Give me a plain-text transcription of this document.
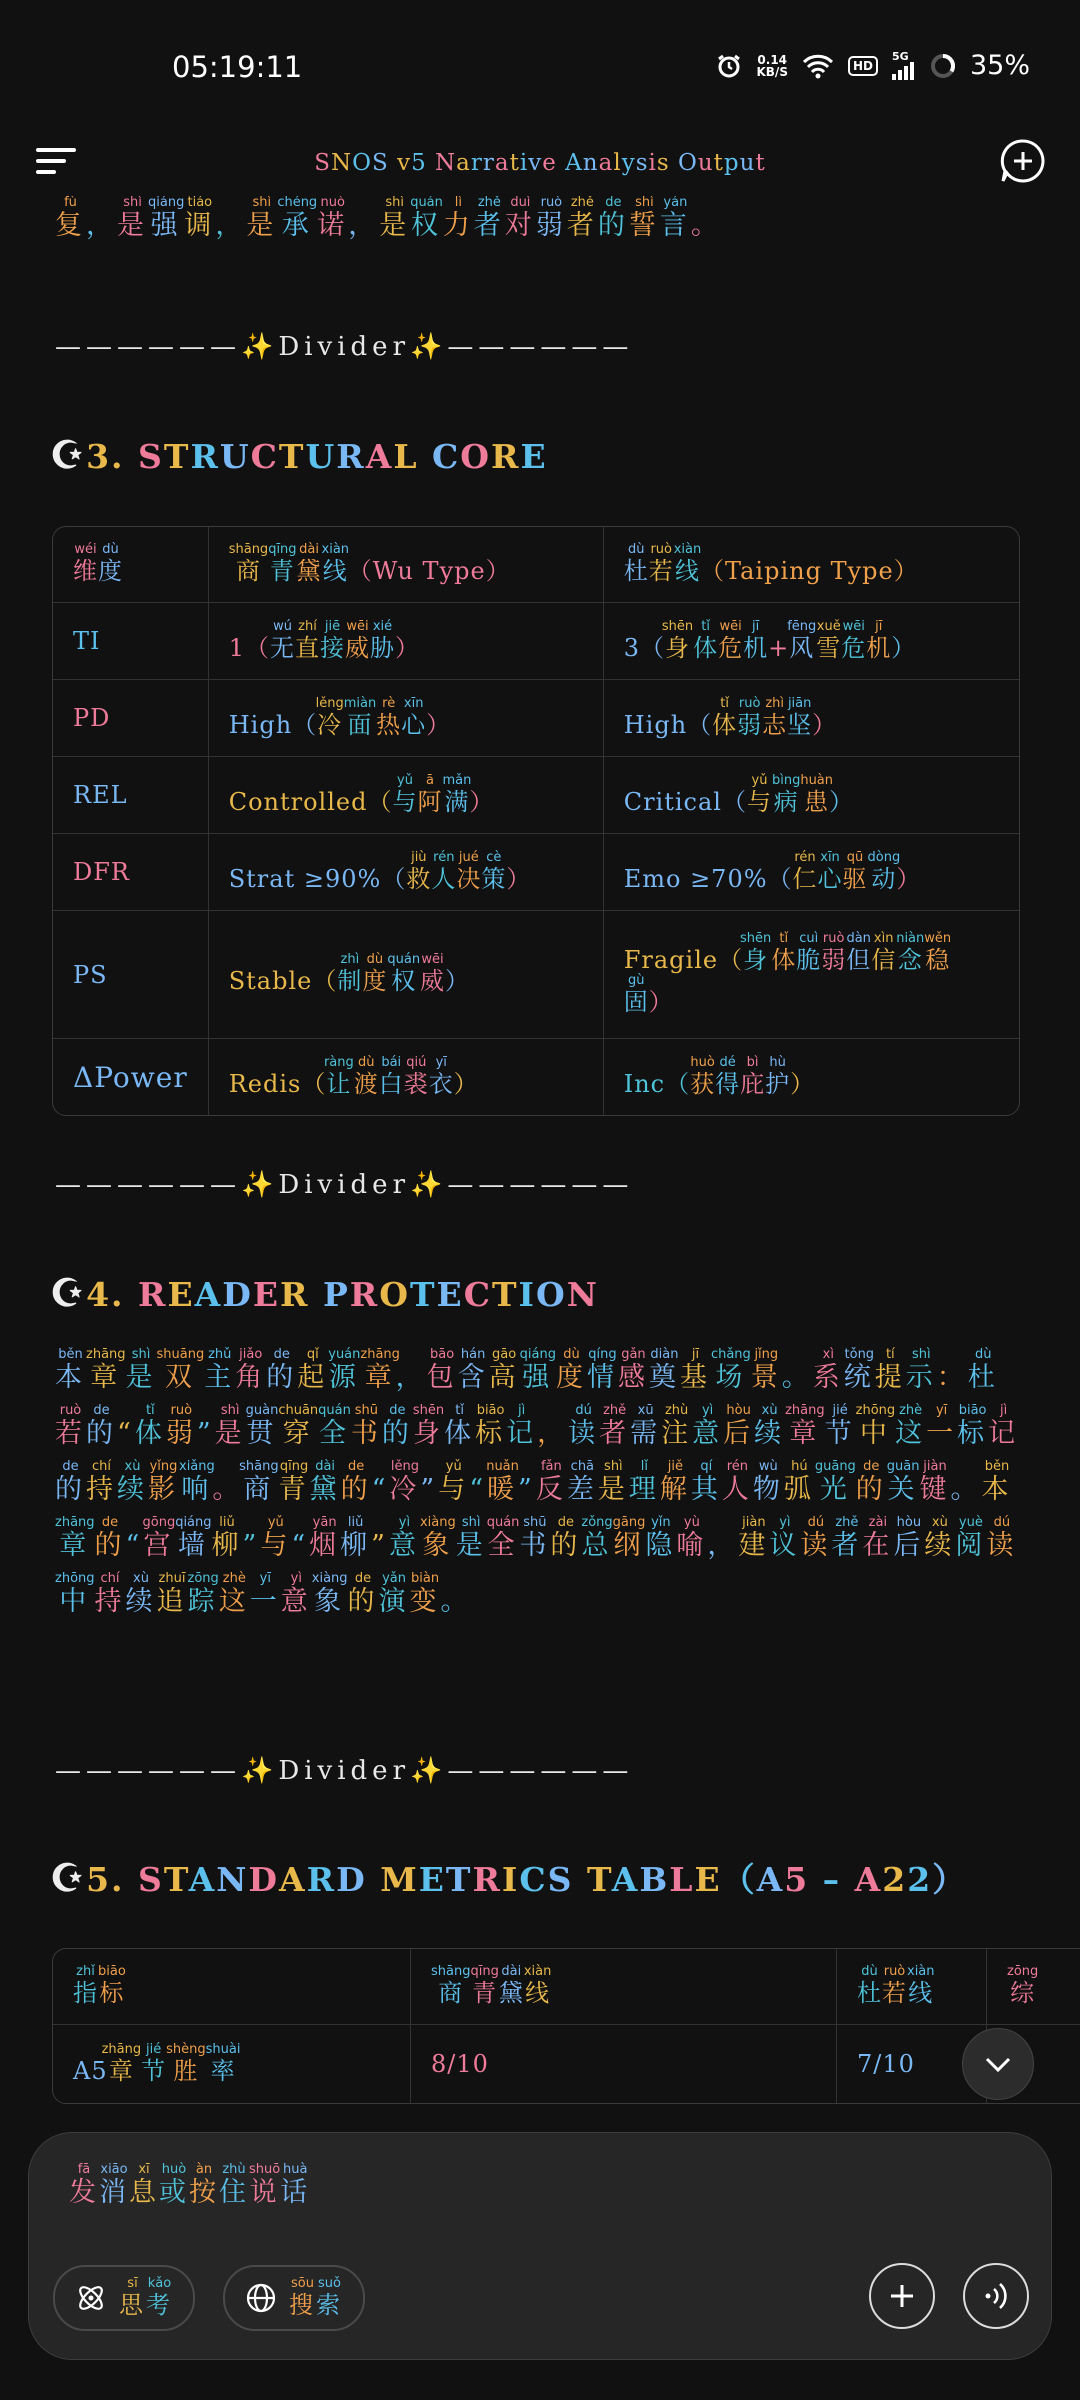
05:19:11	0.14
KB/S	HD
5G 35%
SNOS v5 Narrative Analysis Output
复fù，是shì强qiáng调tiáo，是shì承chéng诺nuò，是shì权quán力lì者zhě对duì弱ruò者zhě的de誓shì言yán。
——————✨Divider✨——————
☪3. STRUCTURAL CORE
维wéi度dù	商shāng青qīng黛dài线xiàn（Wu Type）	杜dù若ruò线xiàn（Taiping Type）
TI	1（无wú直zhí接jiē威wēi胁xié）	3（身shēn体tǐ危wēi机jī+风fēng雪xuě危wēi机jī）
PD	High（冷lěng面miàn热rè心xīn）	High（体tǐ弱ruò志zhì坚jiān）
REL	Controlled（与yǔ阿ā满mǎn）	Critical（与yǔ病bìng患huàn）
DFR	Strat ≥90%（救jiù人rén决jué策cè）	Emo ≥70%（仁rén心xīn驱qū动dòng）
PS	Stable（制zhì度dù权quán威wēi）	Fragile（身shēn体tǐ脆cuì弱ruò但dàn信xìn念niàn稳wěn固gù）
ΔPower	Redis（让ràng渡dù白bái裘qiú衣yī）	Inc（获huò得dé庇bì护hù）
——————✨Divider✨——————
☪4. READER PROTECTION
本běn章zhāng是shì双shuāng主zhǔ角jiǎo的de起qǐ源yuán章zhāng，包bāo含hán高gāo强qiáng度dù情qíng感gǎn奠diàn基jī场chǎng景jǐng。系xì统tǒng提tí示shì：杜dù若ruò的de“体tǐ弱ruò”是shì贯guàn穿chuān全quán书shū的de身shēn体tǐ标biāo记jì，读dú者zhě需xū注zhù意yì后hòu续xù章zhāng节jié中zhōng这zhè一yī标biāo记jì的de持chí续xù影yǐng响xiǎng。商shāng青qīng黛dài的de“冷lěng”与yǔ“暖nuǎn”反fǎn差chā是shì理lǐ解jiě其qí人rén物wù弧hú光guāng的de关guān键jiàn。本běn章zhāng的de“宫gōng墙qiáng柳liǔ”与yǔ“烟yān柳liǔ”意yì象xiàng是shì全quán书shū的de总zǒng纲gāng隐yǐn喻yù，建jiàn议yì读dú者zhě在zài后hòu续xù阅yuè读dú中zhōng持chí续xù追zhuī踪zōng这zhè一yī意yì象xiàng的de演yǎn变biàn。
——————✨Divider✨——————
☪5. STANDARD METRICS TABLE（A5 – A22）
指zhǐ标biāo	商shāng青qīng黛dài线xiàn	杜dù若ruò线xiàn	综zōng
A5章zhāng节jié胜shèng率shuài	8/10	7/10	
发fā消xiāo息xī或huò按àn住zhù说shuō话huà
思sī考kǎo
搜sōu索suǒ
